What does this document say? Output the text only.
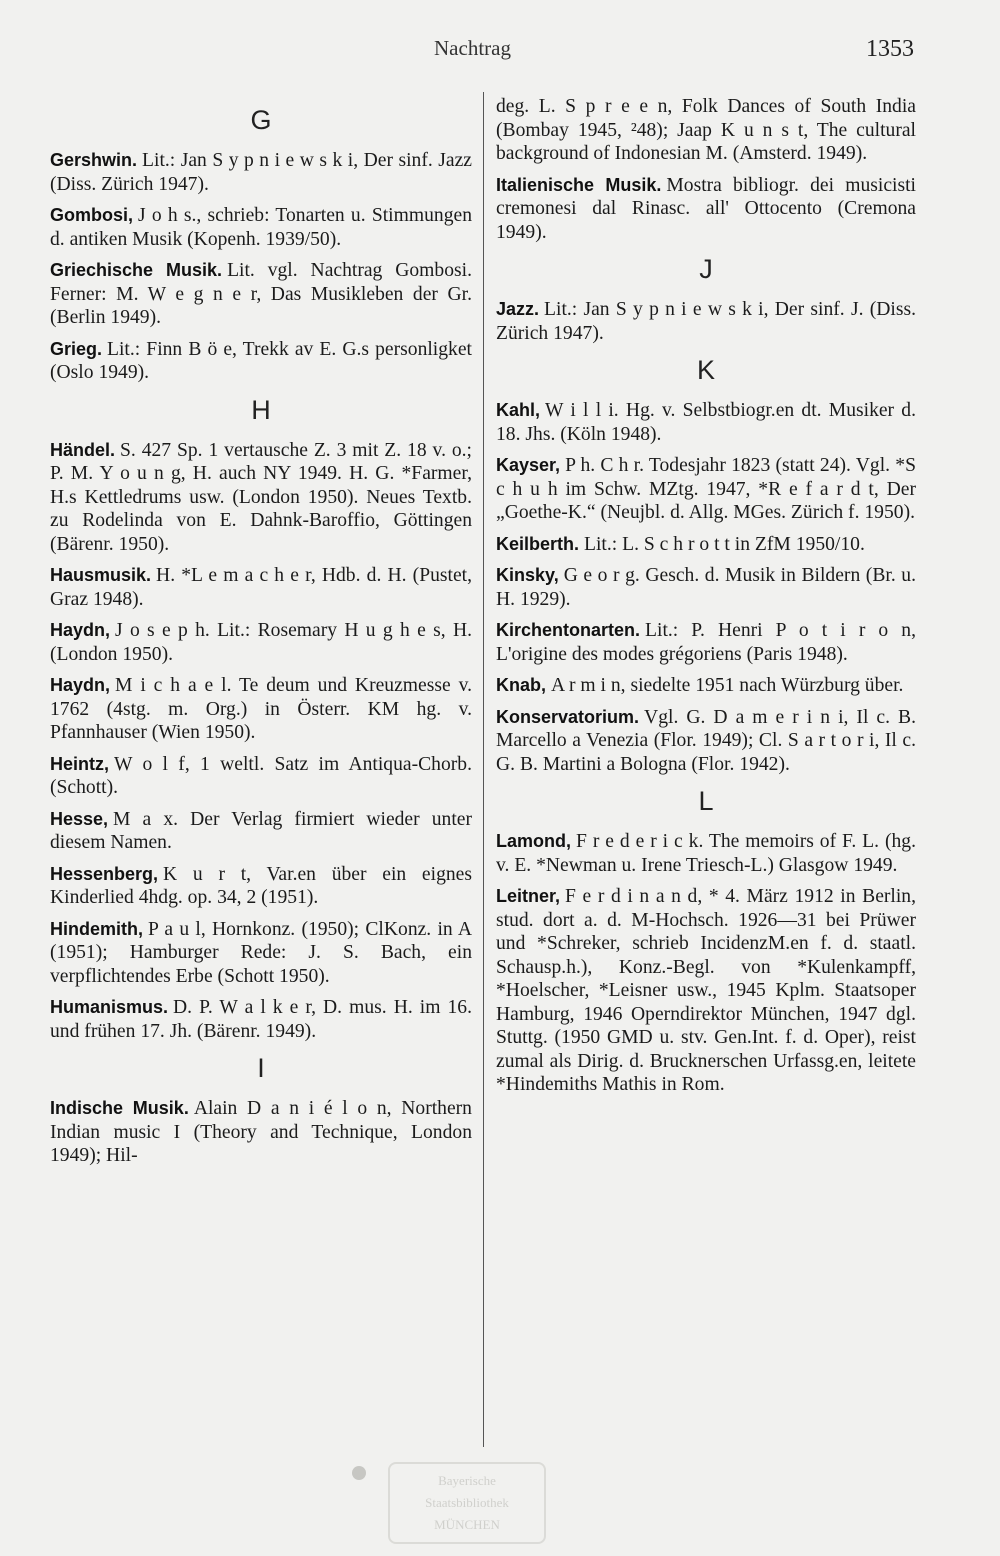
Nachtrag	1353
G
Gershwin. Lit.: Jan S y p n i e w s k i, Der sinf. Jazz (Diss. Zürich 1947).
Gombosi, J o h s., schrieb: Tonarten u. Stimmungen d. antiken Musik (Kopenh. 1939/50).
Griechische Musik. Lit. vgl. Nachtrag Gombosi. Ferner: M. W e g n e r, Das Musikleben der Gr. (Berlin 1949).
Grieg. Lit.: Finn B ö e, Trekk av E. G.s personligket (Oslo 1949).
H
Händel. S. 427 Sp. 1 vertausche Z. 3 mit Z. 18 v. o.; P. M. Y o u n g, H. auch NY 1949. H. G. *Farmer, H.s Kettledrums usw. (London 1950). Neues Textb. zu Rodelinda von E. Dahnk-Baroffio, Göttingen (Bärenr. 1950).
Hausmusik. H. *L e m a c h e r, Hdb. d. H. (Pustet, Graz 1948).
Haydn, J o s e p h. Lit.: Rosemary H u g h e s, H. (London 1950).
Haydn, M i c h a e l. Te deum und Kreuzmesse v. 1762 (4stg. m. Org.) in Österr. KM hg. v. Pfannhauser (Wien 1950).
Heintz, W o l f, 1 weltl. Satz im Antiqua-Chorb. (Schott).
Hesse, M a x. Der Verlag firmiert wieder unter diesem Namen.
Hessenberg, K u r t, Var.en über ein eignes Kinderlied 4hdg. op. 34, 2 (1951).
Hindemith, P a u l, Hornkonz. (1950); ClKonz. in A (1951); Hamburger Rede: J. S. Bach, ein verpflichtendes Erbe (Schott 1950).
Humanismus. D. P. W a l k e r, D. mus. H. im 16. und frühen 17. Jh. (Bärenr. 1949).
I
Indische Musik. Alain D a n i é l o n, Northern Indian music I (Theory and Technique, London 1949); Hil-
deg. L. S p r e e n, Folk Dances of South India (Bombay 1945, ²48); Jaap K u n s t, The cultural background of Indonesian M. (Amsterd. 1949).
Italienische Musik. Mostra bibliogr. dei musicisti cremonesi dal Rinasc. all' Ottocento (Cremona 1949).
J
Jazz. Lit.: Jan S y p n i e w s k i, Der sinf. J. (Diss. Zürich 1947).
K
Kahl, W i l l i. Hg. v. Selbstbiogr.en dt. Musiker d. 18. Jhs. (Köln 1948).
Kayser, P h. C h r. Todesjahr 1823 (statt 24). Vgl. *S c h u h im Schw. MZtg. 1947, *R e f a r d t, Der „Goethe-K.“ (Neujbl. d. Allg. MGes. Zürich f. 1950).
Keilberth. Lit.: L. S c h r o t t in ZfM 1950/10.
Kinsky, G e o r g. Gesch. d. Musik in Bildern (Br. u. H. 1929).
Kirchentonarten. Lit.: P. Henri P o t i r o n, L'origine des modes grégoriens (Paris 1948).
Knab, A r m i n, siedelte 1951 nach Würzburg über.
Konservatorium. Vgl. G. D a m e r i n i, Il c. B. Marcello a Venezia (Flor. 1949); Cl. S a r t o r i, Il c. G. B. Martini a Bologna (Flor. 1942).
L
Lamond, F r e d e r i c k. The memoirs of F. L. (hg. v. E. *Newman u. Irene Triesch-L.) Glasgow 1949.
Leitner, F e r d i n a n d, * 4. März 1912 in Berlin, stud. dort a. d. M-Hochsch. 1926—31 bei Prüwer und *Schreker, schrieb IncidenzM.en f. d. staatl. Schausp.h.), Konz.-Begl. von *Kulenkampff, *Hoelscher, *Leisner usw., 1945 Kplm. Staatsoper Hamburg, 1946 Operndirektor München, 1947 dgl. Stuttg. (1950 GMD u. stv. Gen.Int. f. d. Oper), reist zumal als Dirig. d. Brucknerschen Urfassg.en, leitete *Hindemiths Mathis in Rom.
Bayerische
Staatsbibliothek
MÜNCHEN
